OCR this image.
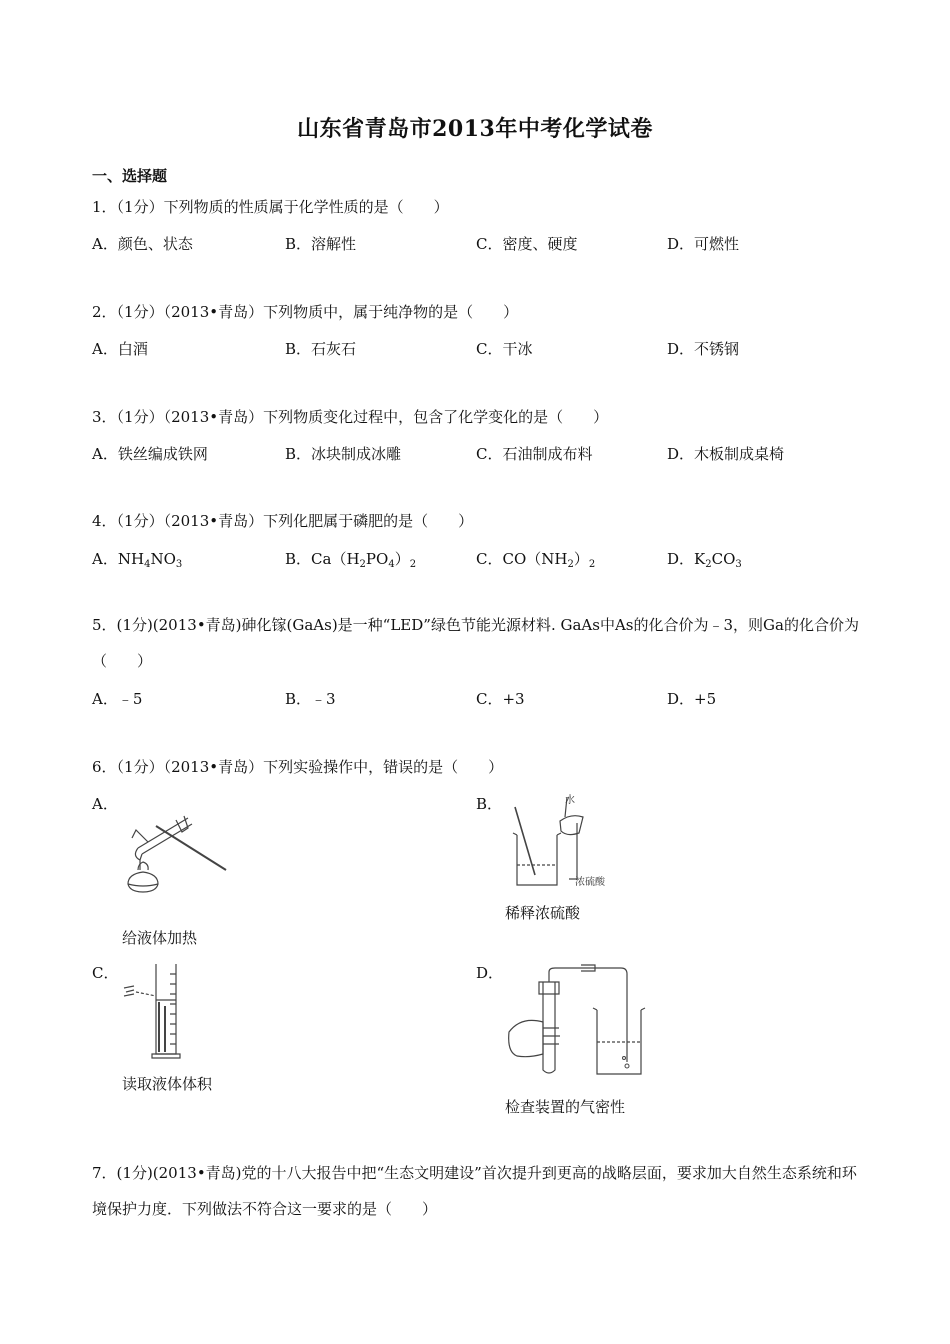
山东省青岛市2013年中考化学试卷
一、选择题
1．（1分）下列物质的性质属于化学性质的是（　　）
A．颜色、状态	B．溶解性	C．密度、硬度	D．可燃性
2．（1分）（2013•青岛）下列物质中，属于纯净物的是（　　）
A．白酒	B．石灰石	C．干冰	D．不锈钢
3．（1分）（2013•青岛）下列物质变化过程中，包含了化学变化的是（　　）
A．铁丝编成铁网	B．冰块制成冰雕	C．石油制成布料	D．木板制成桌椅
4．（1分）（2013•青岛）下列化肥属于磷肥的是（　　）
A．$NH_4NO_3$	B．$Ca(H_2PO_4)_2$	C．$CO(NH_2)_2$	D．$K_2CO_3$
5．(1分)(2013•青岛)砷化镓(GaAs)是一种“LED”绿色节能光源材料. GaAs中As的化合价为﹣3，则Ga的化合价为（　　）
A．﹣5	B．﹣3	C．+3	D．+5
6．（1分）（2013•青岛）下列实验操作中，错误的是（　　）
A．	B．
C．	D．
给液体加热
水
浓硫酸
稀释浓硫酸
读取液体体积
检查装置的气密性
7．(1分)(2013•青岛)党的十八大报告中把“生态文明建设”首次提升到更高的战略层面，要求加大自然生态系统和环境保护力度．下列做法不符合这一要求的是（　　）
